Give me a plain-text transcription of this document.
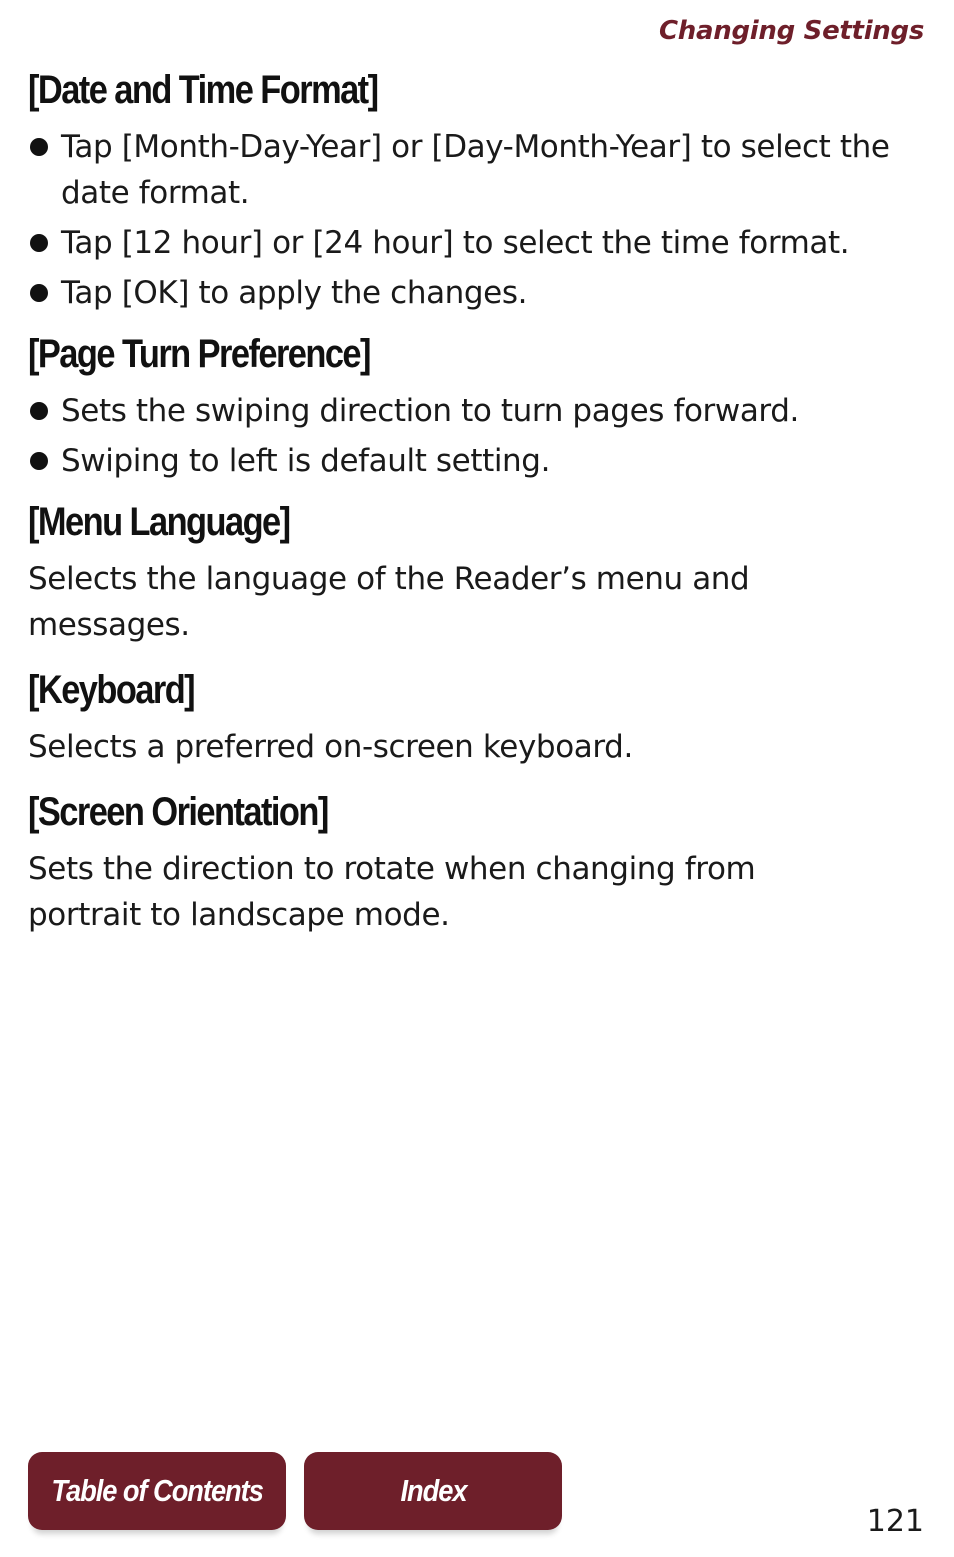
Changing Settings
[Date and Time Format]
Tap [Month-Day-Year] or [Day-Month-Year] to select the date format.
Tap [12 hour] or [24 hour] to select the time format.
Tap [OK] to apply the changes.
[Page Turn Preference]
Sets the swiping direction to turn pages forward.
Swiping to left is default setting.
[Menu Language]

Selects the language of the Reader’s menu and messages.

[Keyboard]

Selects a preferred on-screen keyboard.

[Screen Orientation]

Sets the direction to rotate when changing from portrait to landscape mode.

Table of Contents	Index
121
